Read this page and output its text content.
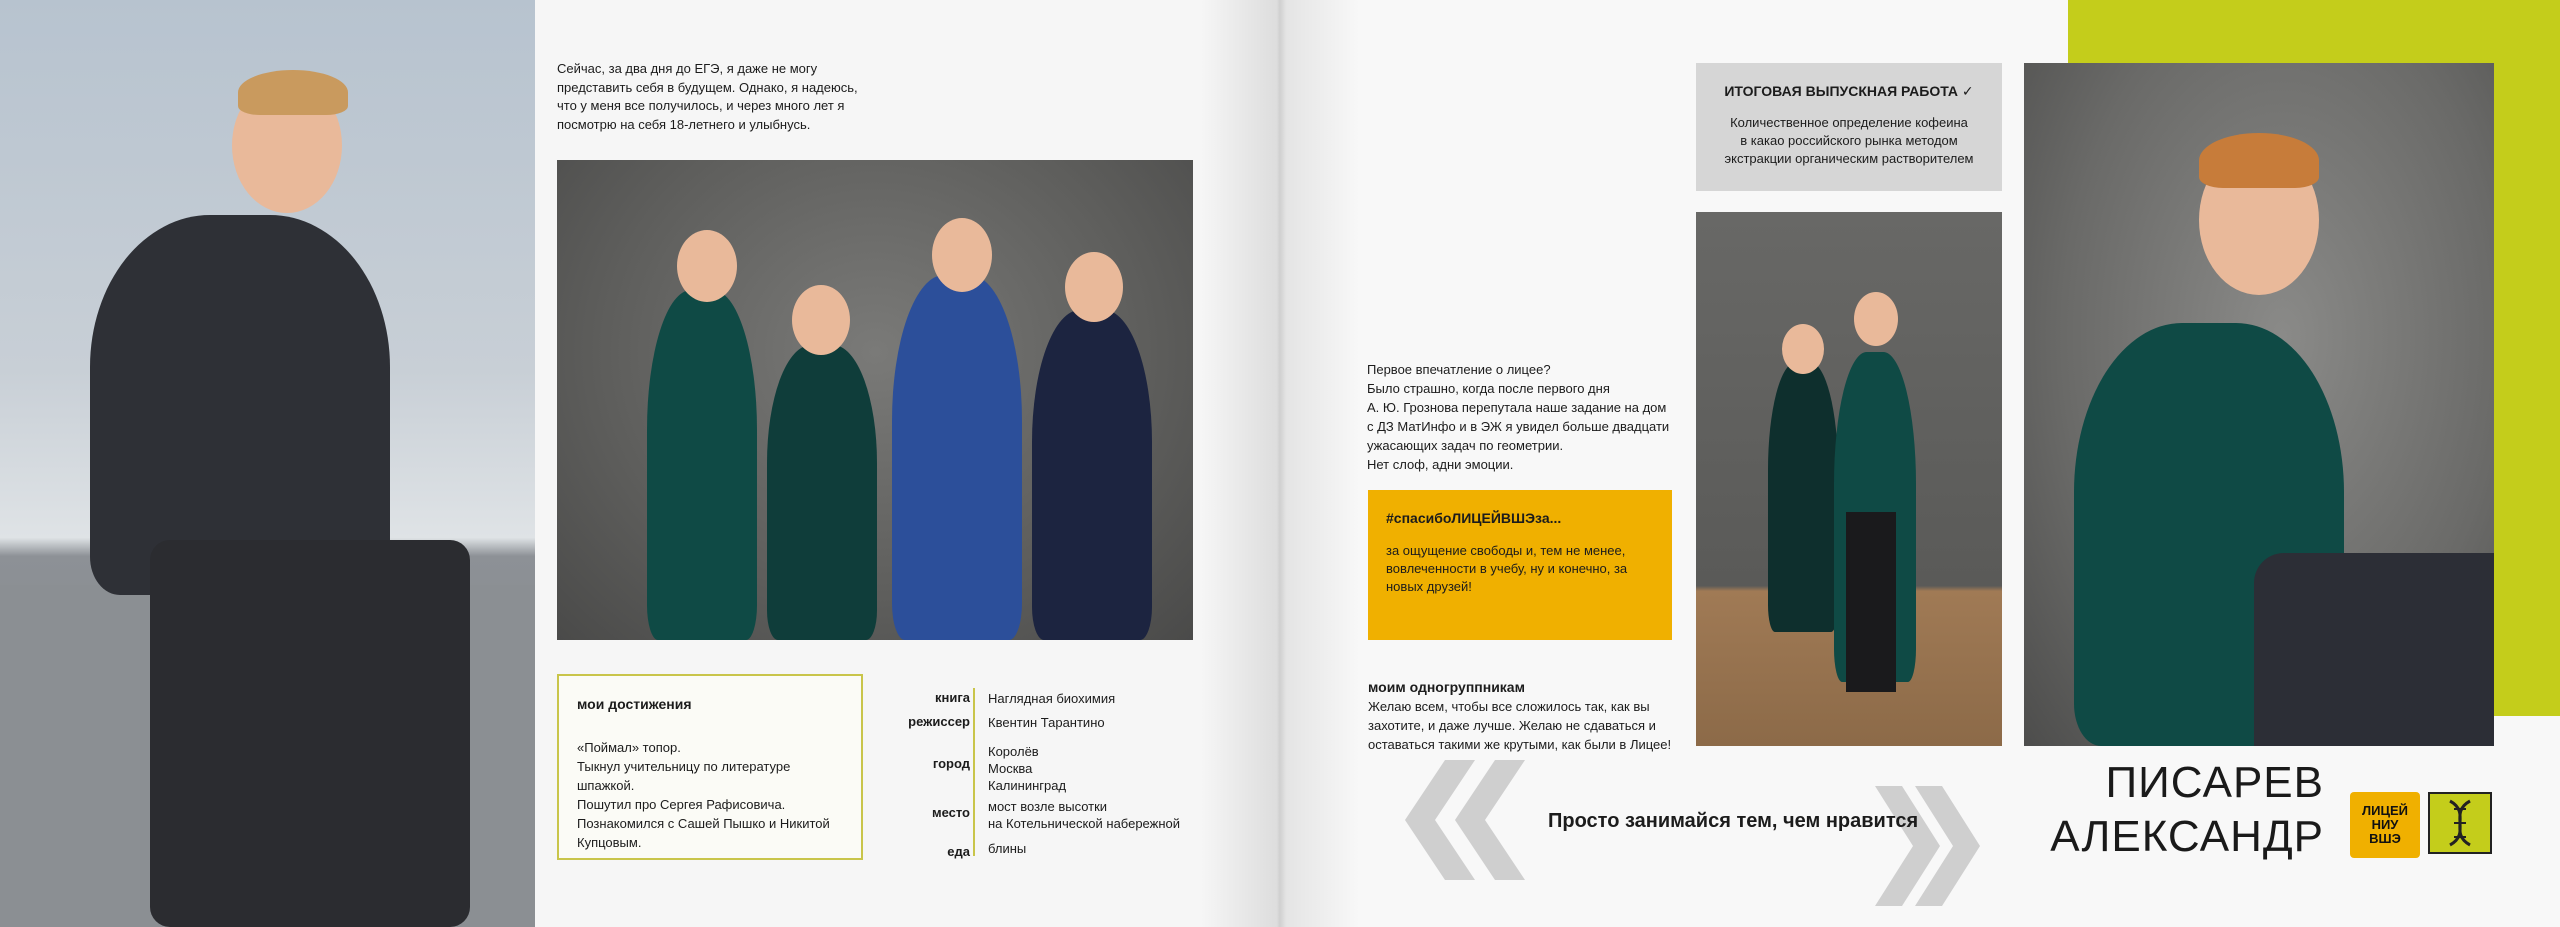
Сейчас, за два дня до ЕГЭ, я даже не могу
представить себя в будущем. Однако, я надеюсь,
что у меня все получилось, и через много лет я
посмотрю на себя 18-летнего и улыбнусь.
мои достижения
«Поймал» топор.
Тыкнул учительницу по литературе
шпажкой.
Пошутил про Сергея Рафисовича.
Познакомился с Сашей Пышко и Никитой
Купцовым.
книга Наглядная биохимия
режиссер Квентин Тарантино
город
Королёв
Москва
Калининград
место мост возле высотки
на Котельнической набережной
еда блины
ИТОГОВАЯ ВЫПУСКНАЯ РАБОТА ✓
Количественное определение кофеина
в какао российского рынка методом
экстракции органическим растворителем
Первое впечатление о лицее?
Было страшно, когда после первого дня
А. Ю. Грознова перепутала наше задание на дом
с ДЗ МатИнфо и в ЭЖ я увидел больше двадцати
ужасающих задач по геометрии.
Нет слоф, адни эмоции.
#спасибоЛИЦЕЙВШЭза...
за ощущение свободы и, тем не менее,
вовлеченности в учебу, ну и конечно, за
новых друзей!
моим одногруппникам
Желаю всем, чтобы все сложилось так, как вы
захотите, и даже лучше. Желаю не сдаваться и
оставаться такими же крутыми, как были в Лицее!
Просто занимайся тем, чем нравится
ПИСАРЕВ
АЛЕКСАНДР
ЛИЦЕЙ
НИУ
ВШЭ
